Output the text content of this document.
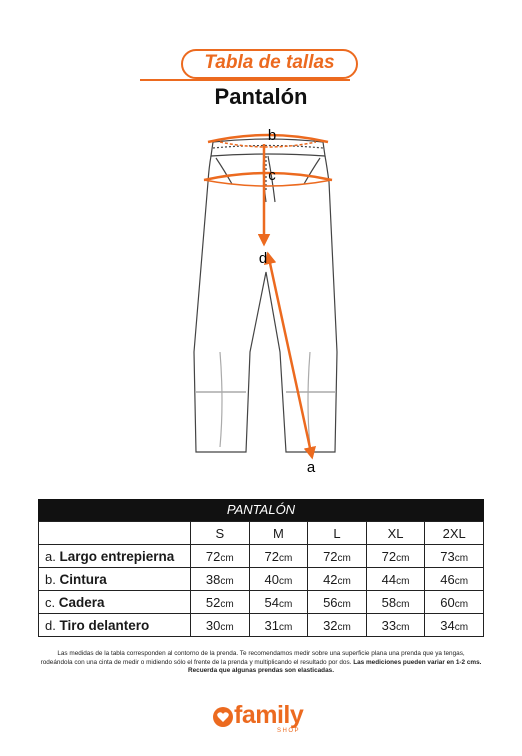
Tabla de tallas
Pantalón
b
c
d
a
PANTALÓN
	S	M	L	XL	2XL
a. Largo entrepierna	72cm	72cm	72cm	72cm	73cm
b. Cintura	38cm	40cm	42cm	44cm	46cm
c. Cadera	52cm	54cm	56cm	58cm	60cm
d. Tiro delantero	30cm	31cm	32cm	33cm	34cm
Las medidas de la tabla corresponden al contorno de la prenda. Te recomendamos medir sobre una superficie plana una prenda que ya tengas,
rodeándola con una cinta de medir o midiendo sólo el frente de la prenda y multiplicando el resultado por dos. Las mediciones pueden variar en 1-2 cms.
Recuerda que algunas prendas son elasticadas.
family
SHOP
